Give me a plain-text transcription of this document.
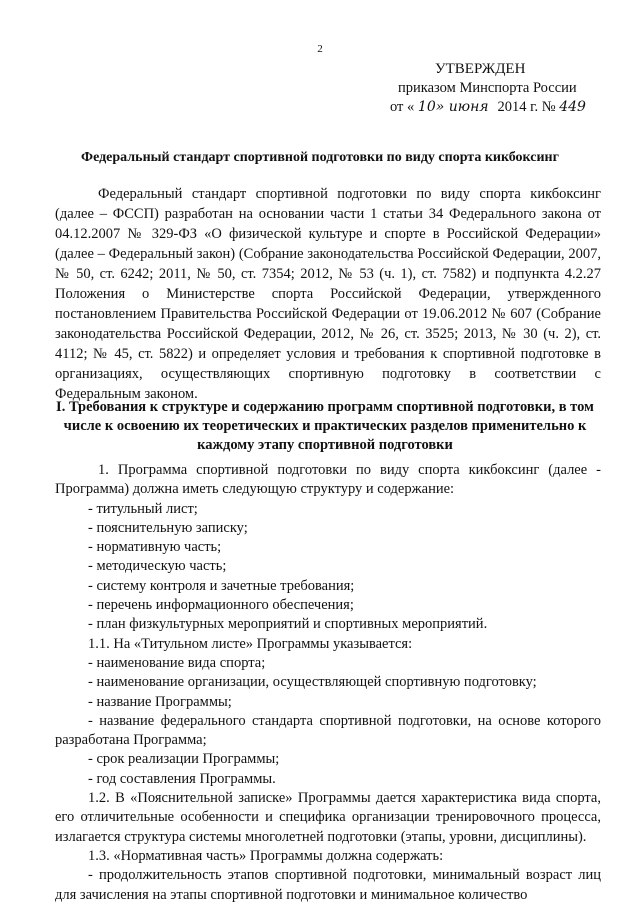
2
УТВЕРЖДЕН
приказом Минспорта России
от « 10» июня 2014 г. № 449
Федеральный стандарт спортивной подготовки по виду спорта кикбоксинг

Федеральный стандарт спортивной подготовки по виду спорта кикбоксинг (далее – ФССП) разработан на основании части 1 статьи 34 Федерального закона от 04.12.2007 № 329-ФЗ «О физической культуре и спорте в Российской Федерации» (далее – Федеральный закон) (Собрание законодательства Российской Федерации, 2007, № 50, ст. 6242; 2011, № 50, ст. 7354; 2012, № 53 (ч. 1), ст. 7582) и подпункта 4.2.27 Положения о Министерстве спорта Российской Федерации, утвержденного постановлением Правительства Российской Федерации от 19.06.2012 № 607 (Собрание законодательства Российской Федерации, 2012, № 26, ст. 3525; 2013, № 30 (ч. 2), ст. 4112; № 45, ст. 5822) и определяет условия и требования к спортивной подготовке в организациях, осуществляющих спортивную подготовку в соответствии с Федеральным законом.

I. Требования к структуре и содержанию программ спортивной подготовки, в том числе к освоению их теоретических и практических разделов применительно к каждому этапу спортивной подготовки

1. Программа спортивной подготовки по виду спорта кикбоксинг (далее - Программа) должна иметь следующую структуру и содержание:

- титульный лист;

- пояснительную записку;

- нормативную часть;

- методическую часть;

- систему контроля и зачетные требования;

- перечень информационного обеспечения;

- план физкультурных мероприятий и спортивных мероприятий.

1.1. На «Титульном листе» Программы указывается:

- наименование вида спорта;

- наименование организации, осуществляющей спортивную подготовку;

- название Программы;

- название федерального стандарта спортивной подготовки, на основе которого разработана Программа;

- срок реализации Программы;

- год составления Программы.

1.2. В «Пояснительной записке» Программы дается характеристика вида спорта, его отличительные особенности и специфика организации тренировочного процесса, излагается структура системы многолетней подготовки (этапы, уровни, дисциплины).

1.3. «Нормативная часть» Программы должна содержать:

- продолжительность этапов спортивной подготовки, минимальный возраст лиц для зачисления на этапы спортивной подготовки и минимальное количество
